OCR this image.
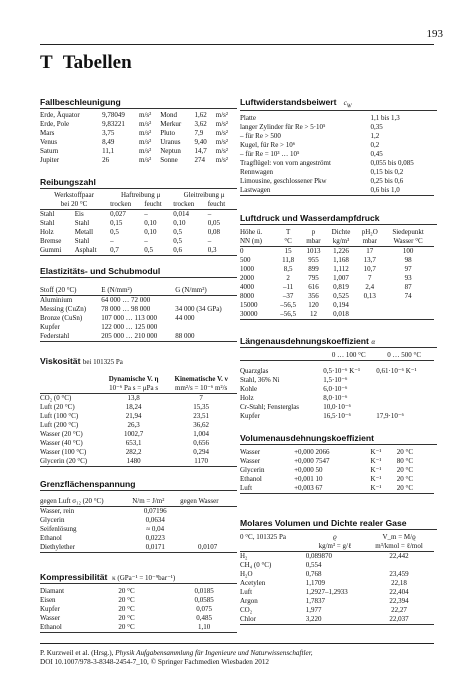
193
T Tabellen
Fallbeschleunigung
Erde, Äquator	9,78049	m/s²	Mond	1,62	m/s²
Erde, Pole	9,83221	m/s²	Merkur	3,62	m/s²
Mars	3,75	m/s²	Pluto	7,9	m/s²
Venus	8,49	m/s²	Uranus	9,40	m/s²
Saturn	11,1	m/s²	Neptun	14,7	m/s²
Jupiter	26	m/s²	Sonne	274	m/s²
Reibungszahl
Werkstoffpaar		Haftreibung μ		Gleitreibung μ	
bei 20 °C		trocken	feucht	trocken	feucht
Stahl	Eis	0,027	–	0,014	–
Stahl	Stahl	0,15	0,10	0,10	0,05
Holz	Metall	0,5	0,10	0,5	0,08
Bremse	Stahl	–	–	0,5	–
Gummi	Asphalt	0,7	0,5	0,6	0,3
Elastizitäts- und Schubmodul
Stoff (20 °C)	E (N/mm²)	G (N/mm²)
Aluminium	64 000 … 72 000	
Messing (CuZn)	78 000 … 98 000	34 000 (34 GPa)
Bronze (CuSn)	107 000 … 113 000	44 000
Kupfer	122 000 … 125 000	
Federstahl	205 000 … 210 000	88 000
Viskosität bei 101325 Pa
	Dynamische V. η	Kinematische V. ν
	10⁻⁶ Pa s = μPa s	mm²/s = 10⁻⁶ m²/s
CO₂ (0 °C)	13,8	7
Luft (20 °C)	18,24	15,35
Luft (100 °C)	21,94	23,51
Luft (200 °C)	26,3	36,62
Wasser (20 °C)	1002,7	1,004
Wasser (40 °C)	653,1	0,656
Wasser (100 °C)	282,2	0,294
Glycerin (20 °C)	1480	1170
Grenzflächenspannung
gegen Luft σ₁₂ (20 °C)	N/m = J/m²	gegen Wasser
Wasser, rein	0,07196	
Glycerin	0,0634	
Seifenlösung	≈ 0,04	
Ethanol	0,0223	
Diethylether	0,0171	0,0107
Kompressibilität κ (GPa⁻¹ = 10⁻⁹bar⁻¹)
Diamant	20 °C	0,0185
Eisen	20 °C	0,0585
Kupfer	20 °C	0,075
Wasser	20 °C	0,485
Ethanol	20 °C	1,10
Luftwiderstandsbeiwert $c_W$
Platte	1,1 bis 1,3
langer Zylinder für Re > 5·10⁵	0,35
– für Re > 500	1,2
Kugel, für Re > 10⁶	0,2
– für Re = 10³ … 10⁵	0,45
Tragflügel: von vorn angeströmt	0,055 bis 0,085
Rennwagen	0,15 bis 0,2
Limousine, geschlossener Pkw	0,25 bis 0,6
Lastwagen	0,6 bis 1,0
Luftdruck und Wasserdampfdruck
Höhe ü.	T	p	Dichte	pH₂O	Siedepunkt
NN (m)	°C	mbar	kg/m³	mbar	Wasser °C
0	15	1013	1,226	17	100
500	11,8	955	1,168	13,7	98
1000	8,5	899	1,112	10,7	97
2000	2	795	1,007	7	93
4000	–11	616	0,819	2,4	87
8000	–37	356	0,525	0,13	74
15000	–56,5	120	0,194		
30000	–56,5	12	0,018		
Längenausdehnungskoeffizient α
	0 … 100 °C	0 … 500 °C

Quarzglas	0,5·10⁻⁶ K⁻¹	0,61·10⁻⁶ K⁻¹
Stahl, 36% Ni	1,5·10⁻⁶	
Kohle	6,0·10⁻⁶	
Holz	8,0·10⁻⁶	
Cr-Stahl; Fensterglas	10,0·10⁻⁶	
Kupfer	16,5·10⁻⁶	17,9·10⁻⁶
Volumenausdehnungskoeffizient
Wasser	+0,000 2066	K⁻¹	20 °C
Wasser	+0,000 7547	K⁻¹	80 °C
Glycerin	+0,000 50	K⁻¹	20 °C
Ethanol	+0,001 10	K⁻¹	20 °C
Luft	+0,003 67	K⁻¹	20 °C
Molares Volumen und Dichte realer Gase
0 °C, 101325 Pa	ϱ	V_m = M/ϱ
	kg/m³ = g/ℓ	m³/kmol = ℓ/mol
H₂	0,089870	22,442
CH₄ (0 °C)	0,554	
H₂O	0,768	23,459
Acetylen	1,1709	22,18
Luft	1,2927–1,2933	22,404
Argon	1,7837	22,394
CO₂	1,977	22,27
Chlor	3,220	22,037
P. Kurzweil et al. (Hrsg.), Physik Aufgabensammlung für Ingenieure und Naturwissenschaftler,
DOI 10.1007/978-3-8348-2454-7_10, © Springer Fachmedien Wiesbaden 2012
